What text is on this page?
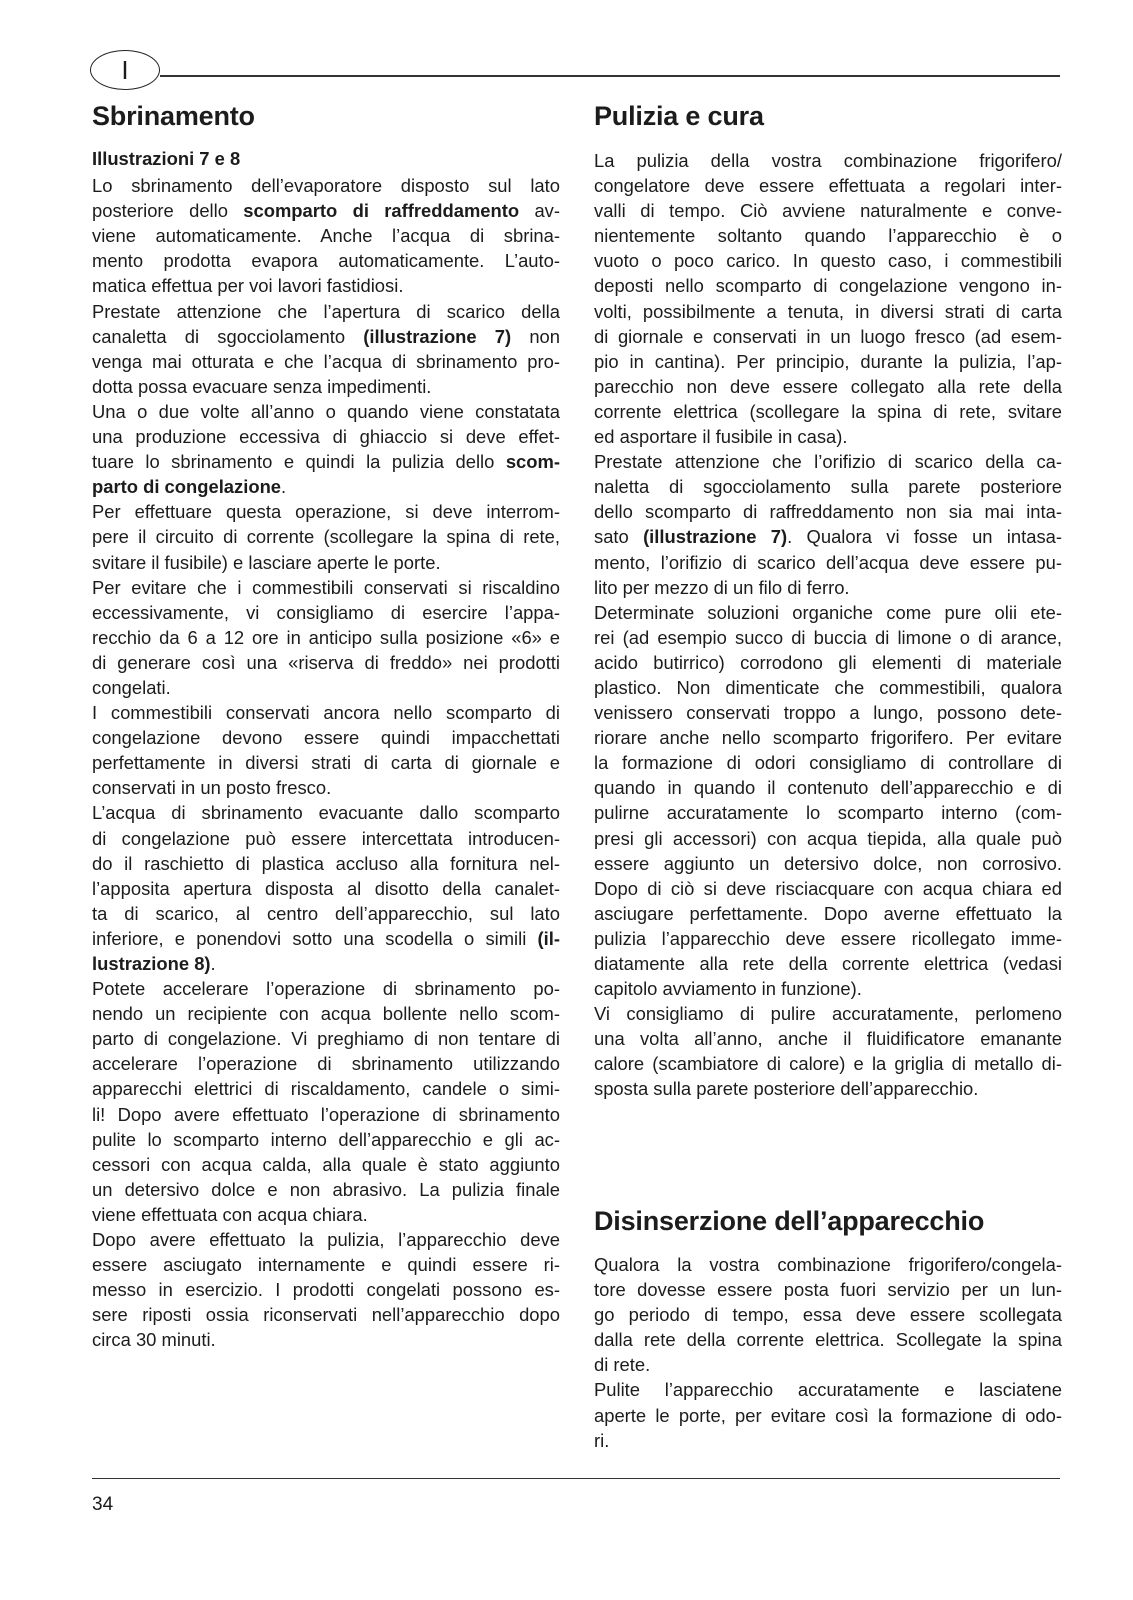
I
Sbrinamento
Illustrazioni 7 e 8
Lo sbrinamento dell’evaporatore disposto sul lato
posteriore dello scomparto di raffreddamento av-
viene automaticamente. Anche l’acqua di sbrina-
mento prodotta evapora automaticamente. L’auto-
matica effettua per voi lavori fastidiosi.
Prestate attenzione che l’apertura di scarico della
canaletta di sgocciolamento (illustrazione 7) non
venga mai otturata e che l’acqua di sbrinamento pro-
dotta possa evacuare senza impedimenti.
Una o due volte all’anno o quando viene constatata
una produzione eccessiva di ghiaccio si deve effet-
tuare lo sbrinamento e quindi la pulizia dello scom-
parto di congelazione.
Per effettuare questa operazione, si deve interrom-
pere il circuito di corrente (scollegare la spina di rete,
svitare il fusibile) e lasciare aperte le porte.
Per evitare che i commestibili conservati si riscaldino
eccessivamente, vi consigliamo di esercire l’appa-
recchio da 6 a 12 ore in anticipo sulla posizione «6» e
di generare così una «riserva di freddo» nei prodotti
congelati.
I commestibili conservati ancora nello scomparto di
congelazione devono essere quindi impacchettati
perfettamente in diversi strati di carta di giornale e
conservati in un posto fresco.
L’acqua di sbrinamento evacuante dallo scomparto
di congelazione può essere intercettata introducen-
do il raschietto di plastica accluso alla fornitura nel-
l’apposita apertura disposta al disotto della canalet-
ta di scarico, al centro dell’apparecchio, sul lato
inferiore, e ponendovi sotto una scodella o simili (il-
lustrazione 8).
Potete accelerare l’operazione di sbrinamento po-
nendo un recipiente con acqua bollente nello scom-
parto di congelazione. Vi preghiamo di non tentare di
accelerare l’operazione di sbrinamento utilizzando
apparecchi elettrici di riscaldamento, candele o simi-
li! Dopo avere effettuato l’operazione di sbrinamento
pulite lo scomparto interno dell’apparecchio e gli ac-
cessori con acqua calda, alla quale è stato aggiunto
un detersivo dolce e non abrasivo. La pulizia finale
viene effettuata con acqua chiara.
Dopo avere effettuato la pulizia, l’apparecchio deve
essere asciugato internamente e quindi essere ri-
messo in esercizio. I prodotti congelati possono es-
sere riposti ossia riconservati nell’apparecchio dopo
circa 30 minuti.
Pulizia e cura
La pulizia della vostra combinazione frigorifero/
congelatore deve essere effettuata a regolari inter-
valli di tempo. Ciò avviene naturalmente e conve-
nientemente soltanto quando l’apparecchio è o
vuoto o poco carico. In questo caso, i commestibili
deposti nello scomparto di congelazione vengono in-
volti, possibilmente a tenuta, in diversi strati di carta
di giornale e conservati in un luogo fresco (ad esem-
pio in cantina). Per principio, durante la pulizia, l’ap-
parecchio non deve essere collegato alla rete della
corrente elettrica (scollegare la spina di rete, svitare
ed asportare il fusibile in casa).
Prestate attenzione che l’orifizio di scarico della ca-
naletta di sgocciolamento sulla parete posteriore
dello scomparto di raffreddamento non sia mai inta-
sato (illustrazione 7). Qualora vi fosse un intasa-
mento, l’orifizio di scarico dell’acqua deve essere pu-
lito per mezzo di un filo di ferro.
Determinate soluzioni organiche come pure olii ete-
rei (ad esempio succo di buccia di limone o di arance,
acido butirrico) corrodono gli elementi di materiale
plastico. Non dimenticate che commestibili, qualora
venissero conservati troppo a lungo, possono dete-
riorare anche nello scomparto frigorifero. Per evitare
la formazione di odori consigliamo di controllare di
quando in quando il contenuto dell’apparecchio e di
pulirne accuratamente lo scomparto interno (com-
presi gli accessori) con acqua tiepida, alla quale può
essere aggiunto un detersivo dolce, non corrosivo.
Dopo di ciò si deve risciacquare con acqua chiara ed
asciugare perfettamente. Dopo averne effettuato la
pulizia l’apparecchio deve essere ricollegato imme-
diatamente alla rete della corrente elettrica (vedasi
capitolo avviamento in funzione).
Vi consigliamo di pulire accuratamente, perlomeno
una volta all’anno, anche il fluidificatore emanante
calore (scambiatore di calore) e la griglia di metallo di-
sposta sulla parete posteriore dell’apparecchio.
Disinserzione dell’apparecchio
Qualora la vostra combinazione frigorifero/congela-
tore dovesse essere posta fuori servizio per un lun-
go periodo di tempo, essa deve essere scollegata
dalla rete della corrente elettrica. Scollegate la spina
di rete.
Pulite l’apparecchio accuratamente e lasciatene
aperte le porte, per evitare così la formazione di odo-
ri.
34
